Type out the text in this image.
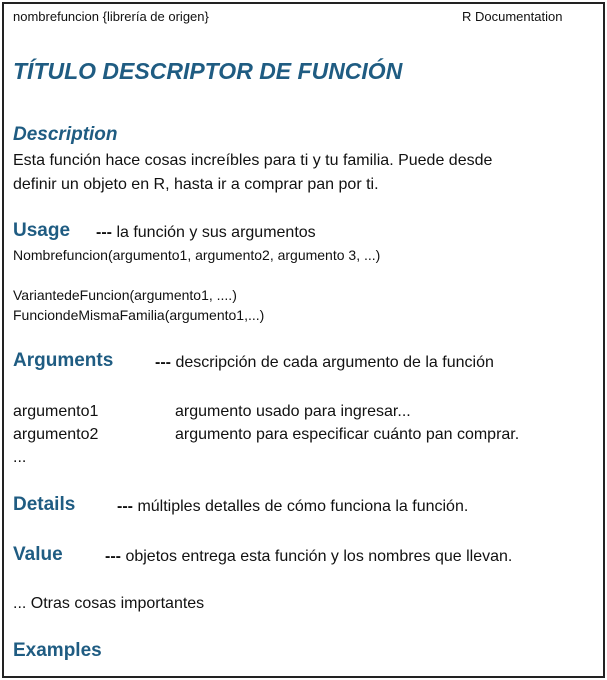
nombrefuncion {librería de origen}	R Documentation
TÍTULO DESCRIPTOR DE FUNCIÓN
Description
Esta función hace cosas increíbles para ti y tu familia. Puede desde
definir un objeto en R, hasta ir a comprar pan por ti.
Usage --- la función y sus argumentos
Nombrefuncion(argumento1, argumento2, argumento 3, ...)
VariantedeFuncion(argumento1, ....)
FunciondeMismaFamilia(argumento1,...)
Arguments	--- descripción de cada argumento de la función
argumento1	argumento usado para ingresar...
argumento2	argumento para especificar cuánto pan comprar.
...
Details	--- múltiples detalles de cómo funciona la función.
Value	--- objetos entrega esta función y los nombres que llevan.
... Otras cosas importantes
Examples
